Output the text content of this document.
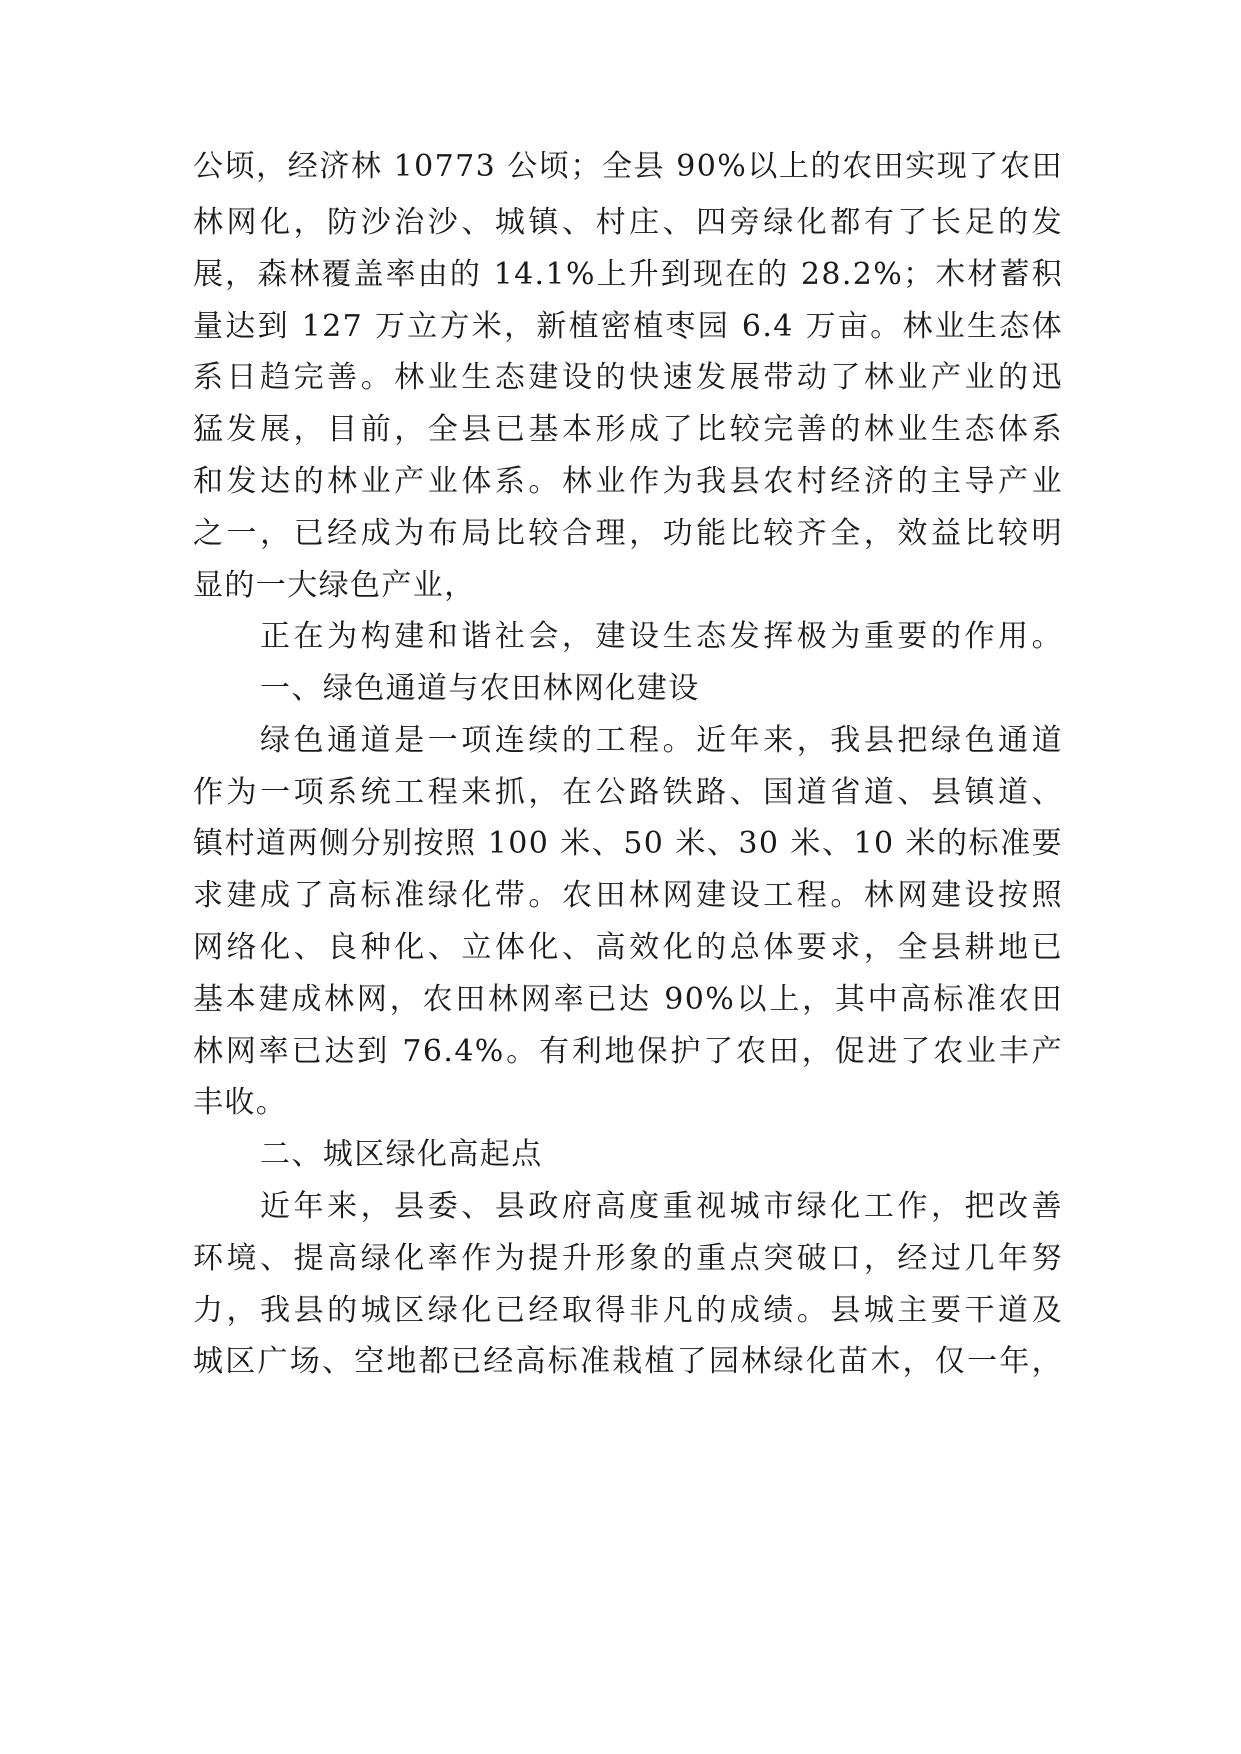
公顷，经济林 10773 公顷；全县 90%以上的农田实现了农田
林网化，防沙治沙、城镇、村庄、四旁绿化都有了长足的发
展，森林覆盖率由的 14.1%上升到现在的 28.2%；木材蓄积
量达到 127 万立方米，新植密植枣园 6.4 万亩。林业生态体
系日趋完善。林业生态建设的快速发展带动了林业产业的迅
猛发展，目前，全县已基本形成了比较完善的林业生态体系
和发达的林业产业体系。林业作为我县农村经济的主导产业
之一，已经成为布局比较合理，功能比较齐全，效益比较明
显的一大绿色产业，
正在为构建和谐社会，建设生态发挥极为重要的作用。
一、绿色通道与农田林网化建设
绿色通道是一项连续的工程。近年来，我县把绿色通道
作为一项系统工程来抓，在公路铁路、国道省道、县镇道、
镇村道两侧分别按照 100 米、50 米、30 米、10 米的标准要
求建成了高标准绿化带。农田林网建设工程。林网建设按照
网络化、良种化、立体化、高效化的总体要求，全县耕地已
基本建成林网，农田林网率已达 90%以上，其中高标准农田
林网率已达到 76.4%。有利地保护了农田，促进了农业丰产
丰收。
二、城区绿化高起点
近年来，县委、县政府高度重视城市绿化工作，把改善
环境、提高绿化率作为提升形象的重点突破口，经过几年努
力，我县的城区绿化已经取得非凡的成绩。县城主要干道及
城区广场、空地都已经高标准栽植了园林绿化苗木，仅一年，
